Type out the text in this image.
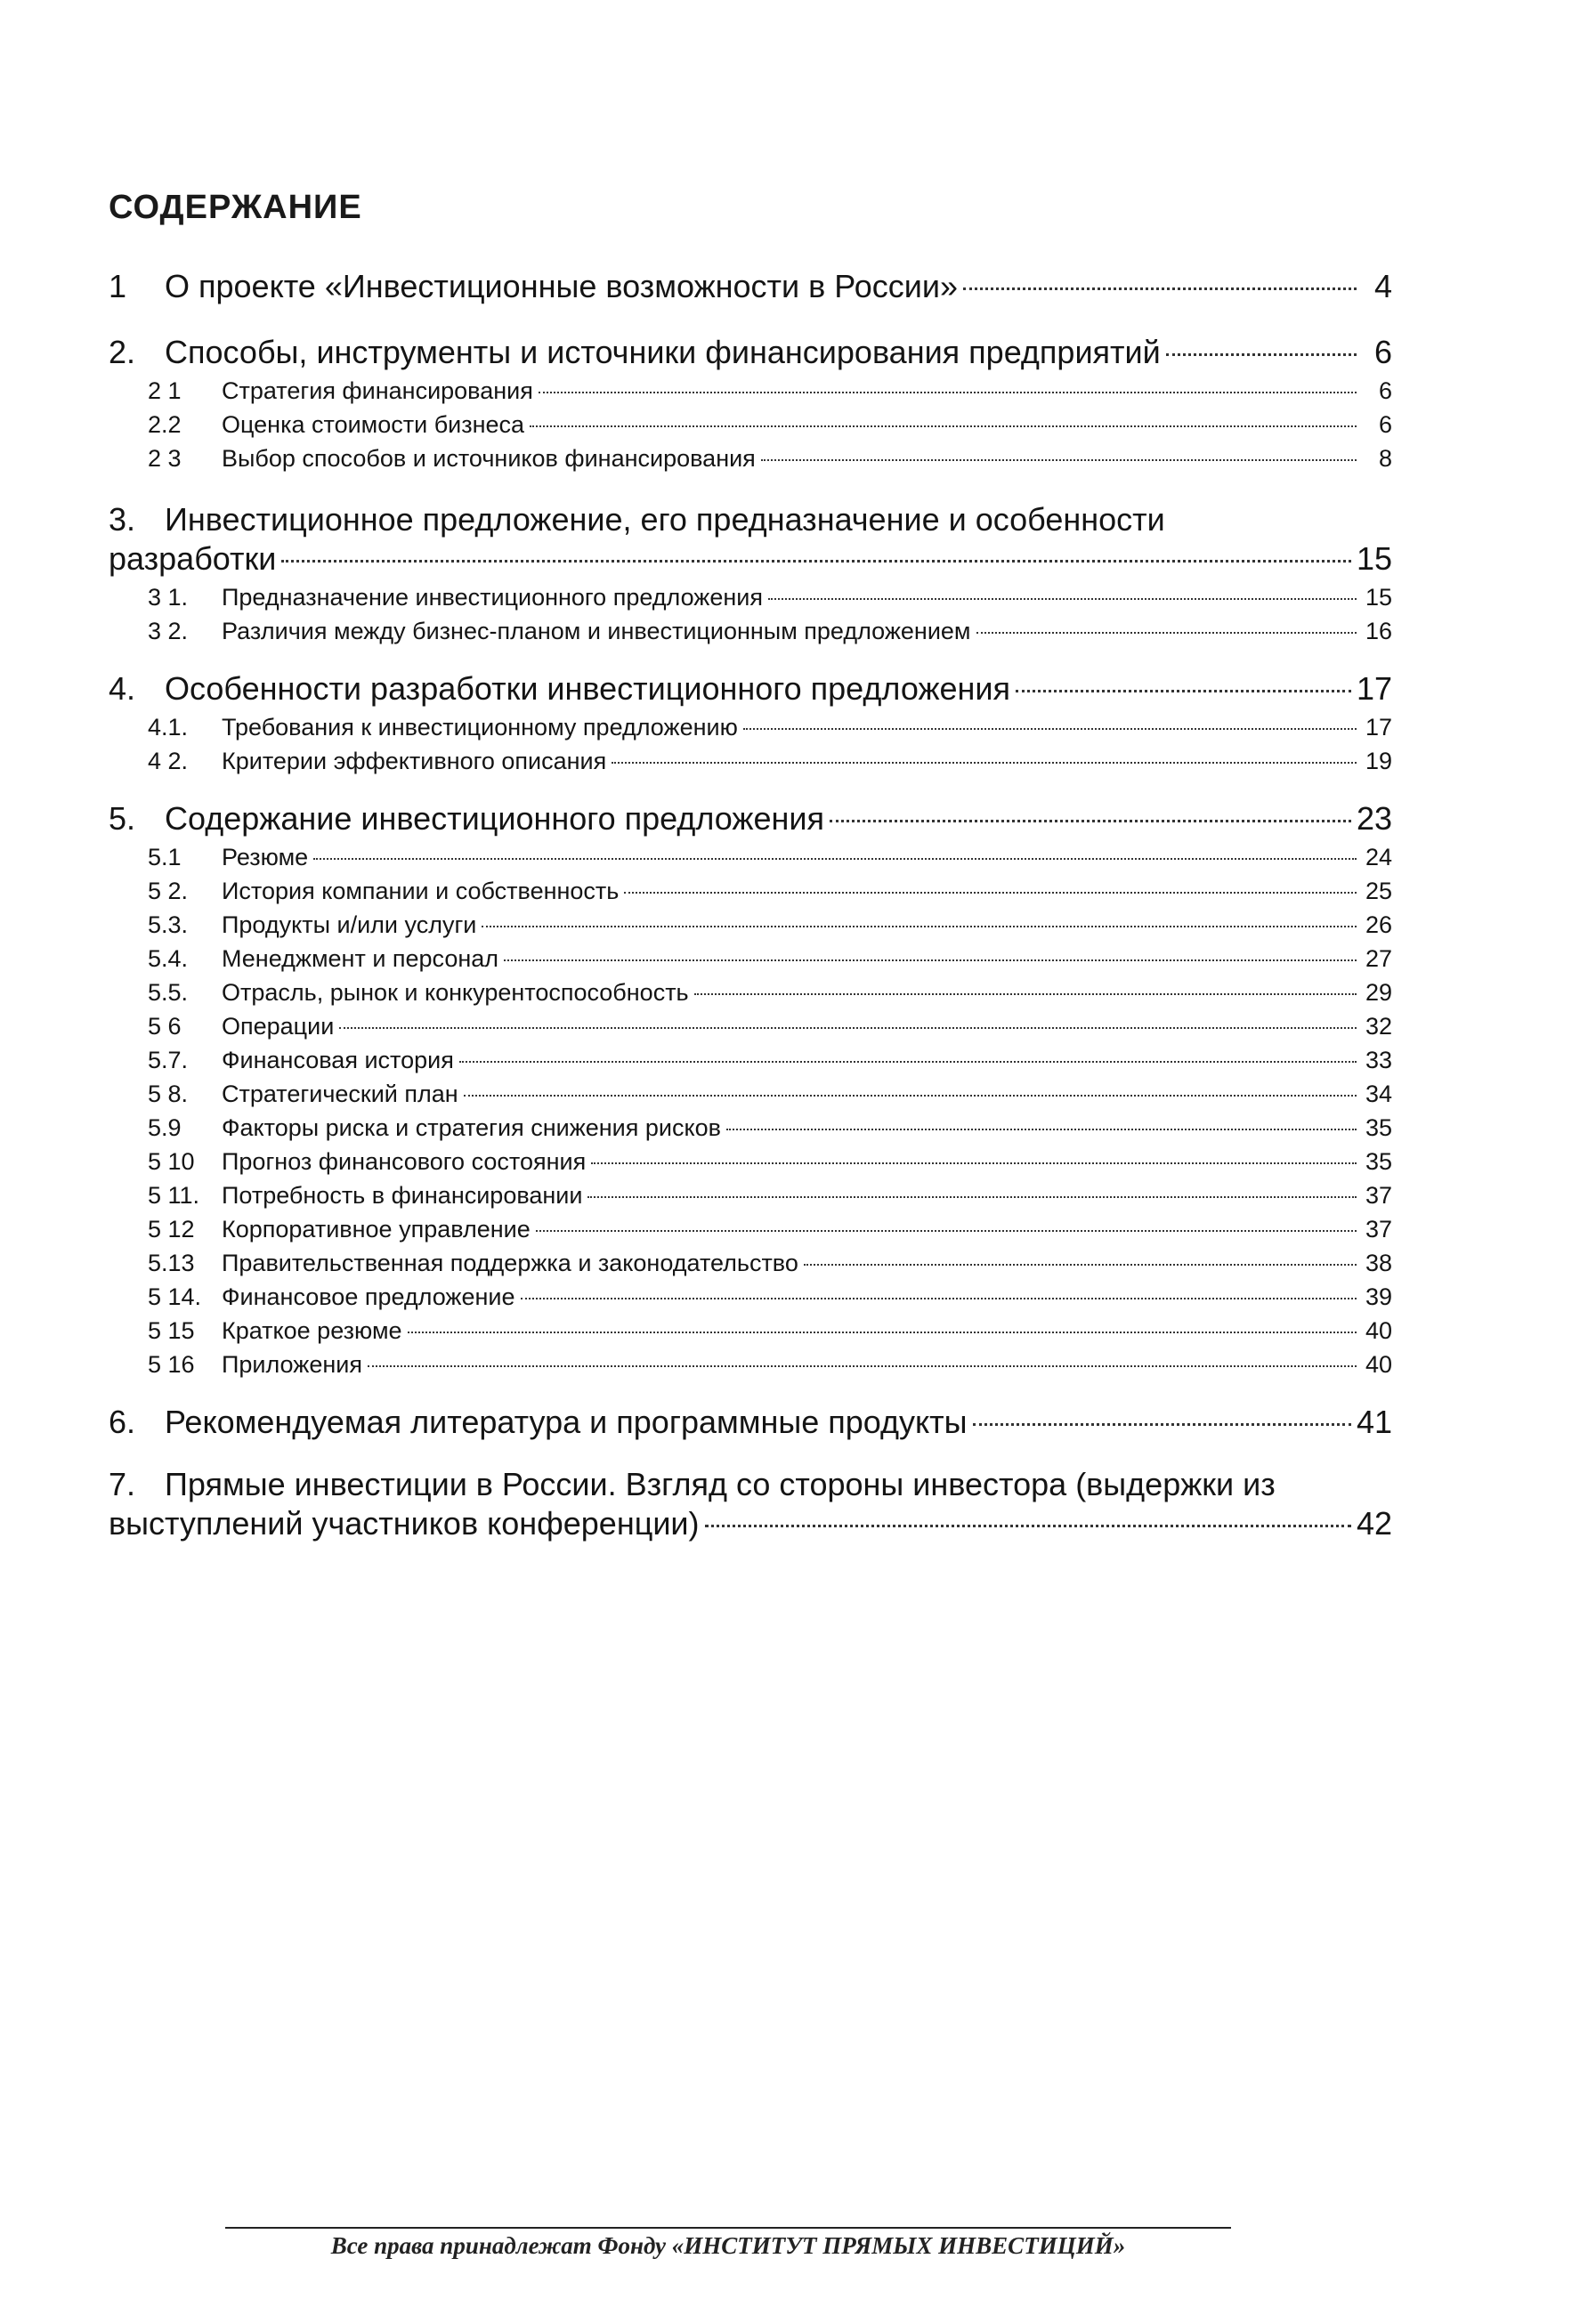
СОДЕРЖАНИЕ
1	О проекте «Инвестиционные возможности в России»	4
2. Способы, инструменты и источники финансирования предприятий	6
2 1	Стратегия финансирования	6
2.2	Оценка стоимости бизнеса	6
2 3	Выбор способов и источников финансирования	8
3. Инвестиционное предложение, его предназначение и особенности
разработки	15
3 1.	Предназначение инвестиционного предложения	15
3 2.	Различия между бизнес-планом и инвестиционным предложением	16
4. Особенности разработки инвестиционного предложения	17
4.1.	Требования к инвестиционному предложению	17
4 2.	Критерии эффективного описания	19
5. Содержание инвестиционного предложения	23
5.1	Резюме	24
5 2.	История компании и собственность	25
5.3.	Продукты и/или услуги	26
5.4.	Менеджмент и персонал	27
5.5.	Отрасль, рынок и конкурентоспособность	29
5 6	Операции	32
5.7.	Финансовая история	33
5 8.	Стратегический план	34
5.9	Факторы риска и стратегия снижения рисков	35
5 10	Прогноз финансового состояния	35
5 11. Потребность в финансировании	37
5 12	Корпоративное управление	37
5.13	Правительственная поддержка и законодательство	38
5 14. Финансовое предложение	39
5 15	Краткое резюме	40
5 16	Приложения	40
6. Рекомендуемая литература и программные продукты	41
7. Прямые инвестиции в России. Взгляд со стороны инвестора (выдержки из
выступлений участников конференции)	42
Все права принадлежат Фонду «ИНСТИТУТ ПРЯМЫХ ИНВЕСТИЦИЙ»
